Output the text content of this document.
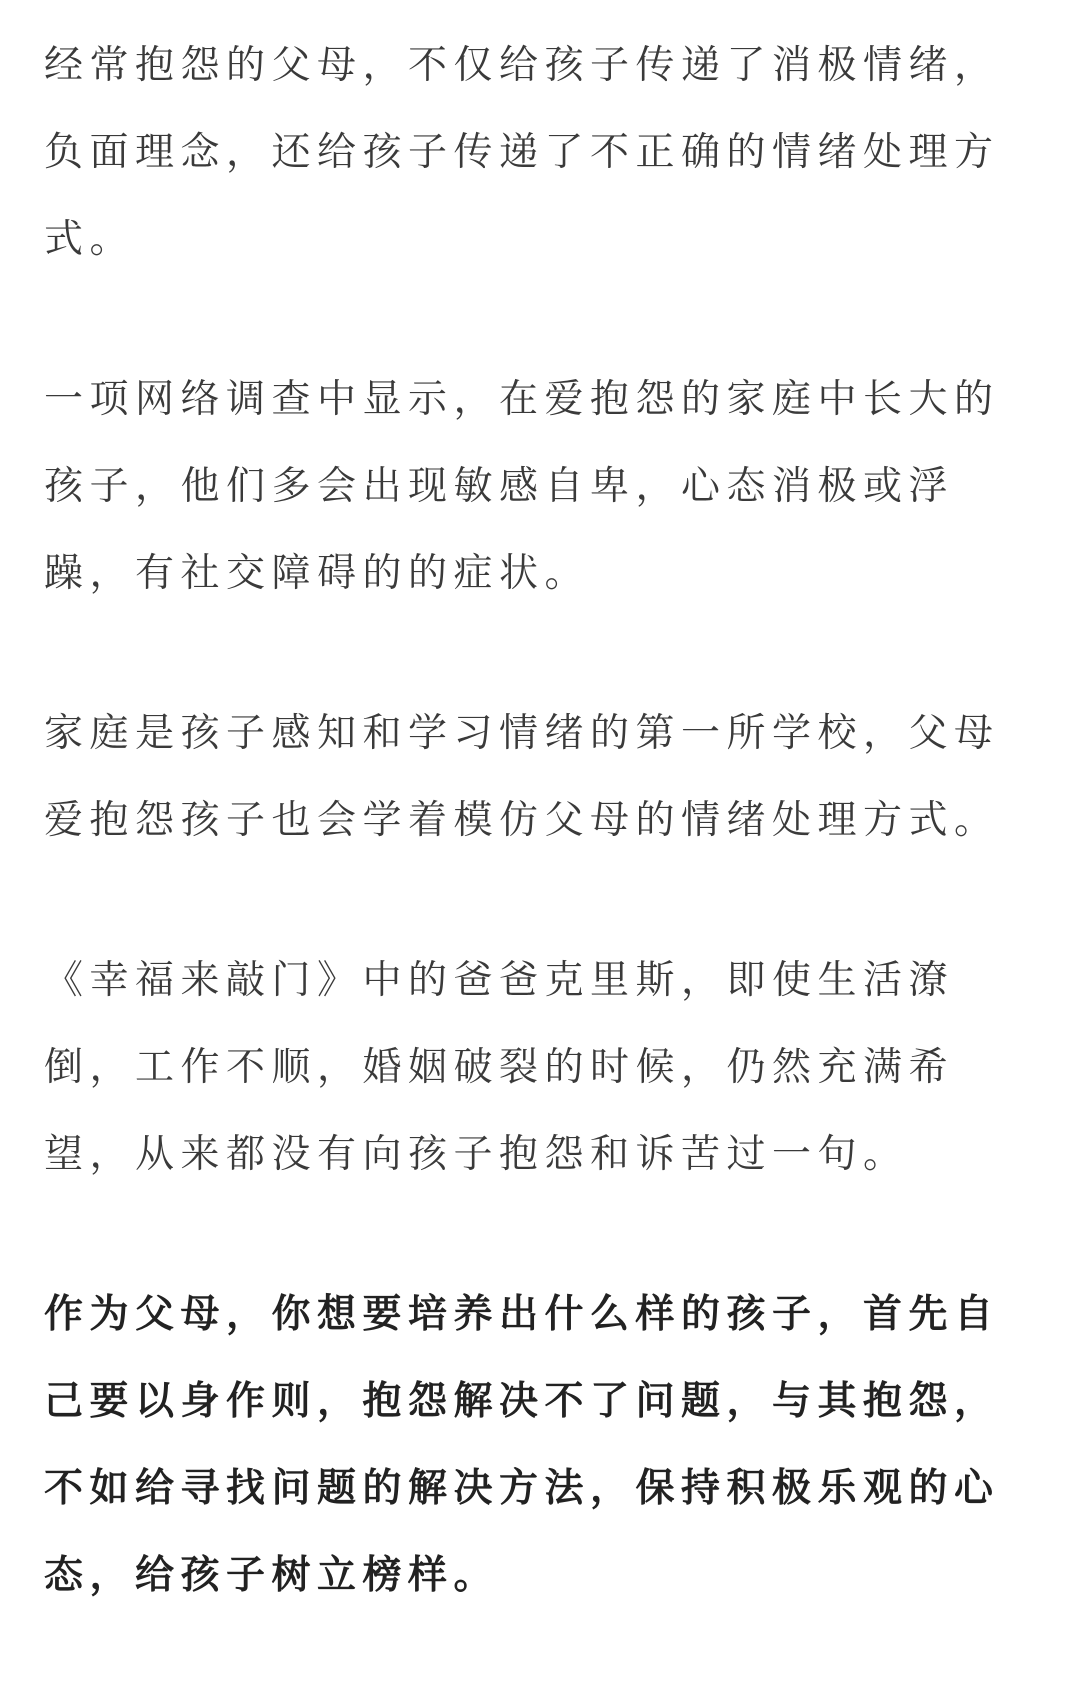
经常抱怨的父母，不仅给孩子传递了消极情绪，
负面理念，还给孩子传递了不正确的情绪处理方
式。

一项网络调查中显示，在爱抱怨的家庭中长大的
孩子，他们多会出现敏感自卑，心态消极或浮
躁，有社交障碍的的症状。

家庭是孩子感知和学习情绪的第一所学校，父母
爱抱怨孩子也会学着模仿父母的情绪处理方式。

《幸福来敲门》中的爸爸克里斯，即使生活潦
倒，工作不顺，婚姻破裂的时候，仍然充满希
望，从来都没有向孩子抱怨和诉苦过一句。

作为父母，你想要培养出什么样的孩子，首先自
己要以身作则，抱怨解决不了问题，与其抱怨，
不如给寻找问题的解决方法，保持积极乐观的心
态，给孩子树立榜样。
